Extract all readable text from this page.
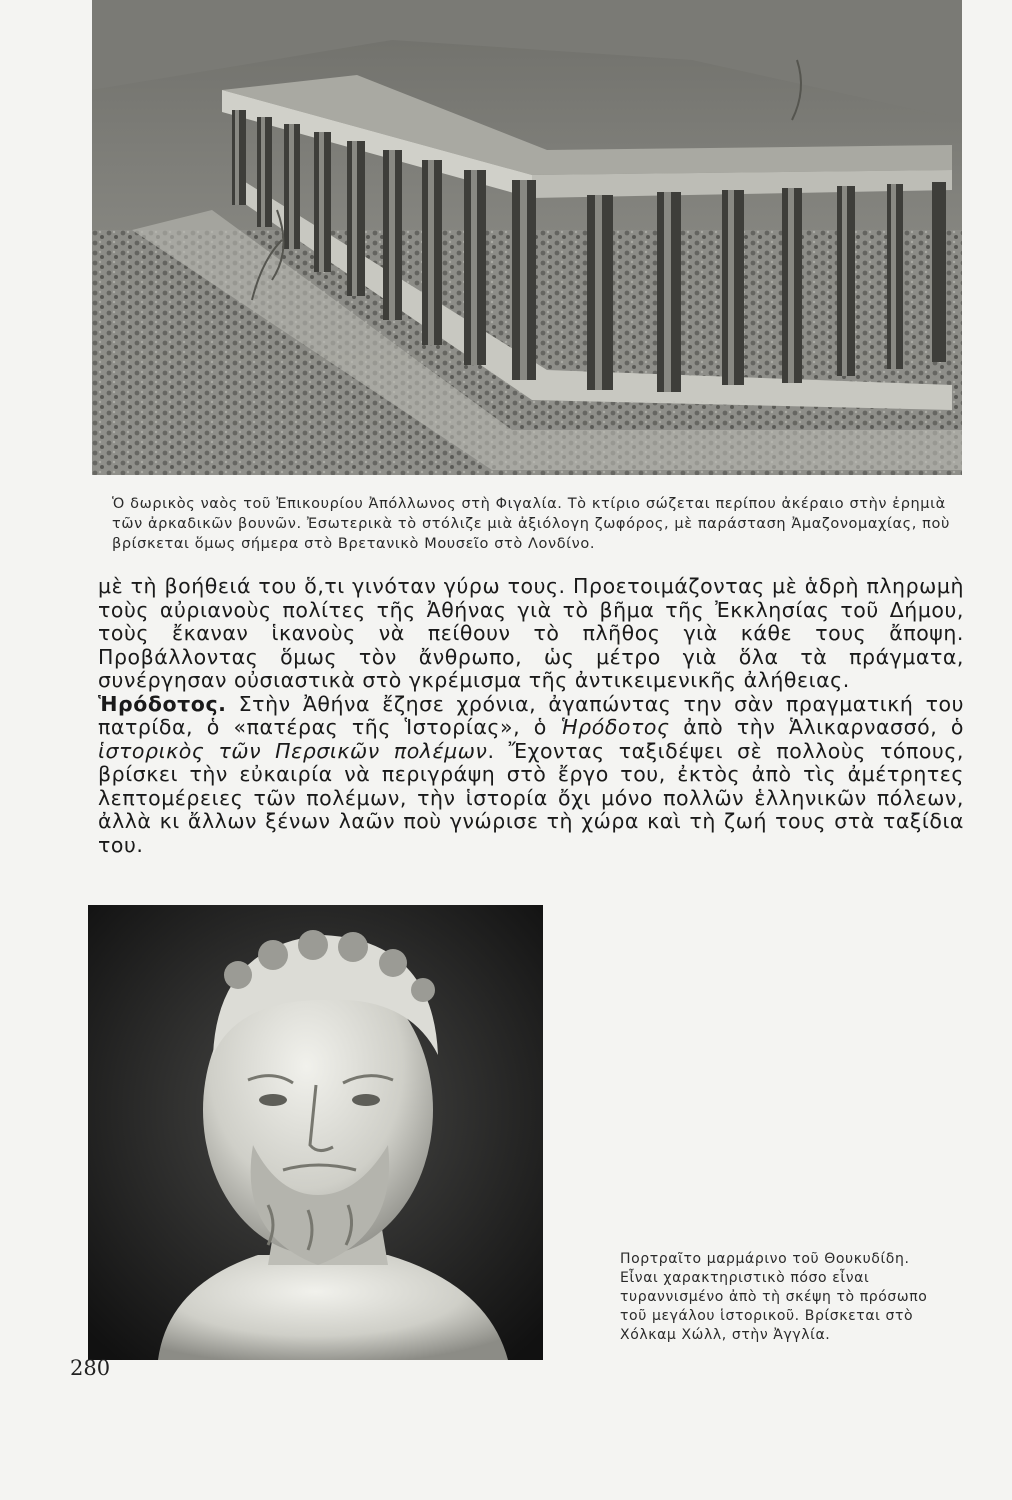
Ὁ δωρικὸς ναὸς τοῦ Ἐπικουρίου Ἀπόλλωνος στὴ Φιγαλία. Τὸ κτίριο σώζεται περίπου ἀκέραιο στὴν ἐρημιὰ τῶν ἀρκαδικῶν βουνῶν. Ἐσωτερικὰ τὸ στόλιζε μιὰ ἀξιόλογη ζωφόρος, μὲ παράσταση Ἀμαζονομαχίας, ποὺ βρίσκεται ὅμως σήμερα στὸ Βρετανικὸ Μουσεῖο στὸ Λονδίνο.

μὲ τὴ βοήθειά του ὅ,τι γινόταν γύρω τους. Προετοιμάζοντας μὲ ἁδρὴ πληρωμὴ τοὺς αὐριανοὺς πολίτες τῆς Ἀθήνας γιὰ τὸ βῆμα τῆς Ἐκκλησίας τοῦ Δήμου, τοὺς ἔκαναν ἱκανοὺς νὰ πείθουν τὸ πλῆθος γιὰ κάθε τους ἄποψη. Προβάλλοντας ὅμως τὸν ἄνθρωπο, ὡς μέτρο γιὰ ὅλα τὰ πράγματα, συνέργησαν οὐσιαστικὰ στὸ γκρέμισμα τῆς ἀντικειμενικῆς ἀλήθειας.

Ἡρόδοτος. Στὴν Ἀθήνα ἔζησε χρόνια, ἀγαπώντας την σὰν πραγματική του πατρίδα, ὁ «πατέρας τῆς Ἱστορίας», ὁ Ἡρόδοτος ἀπὸ τὴν Ἁλικαρνασσό, ὁ ἱστορικὸς τῶν Περσικῶν πολέμων. Ἔχοντας ταξιδέψει σὲ πολλοὺς τόπους, βρίσκει τὴν εὐκαιρία νὰ περιγράψη στὸ ἔργο του, ἐκτὸς ἀπὸ τὶς ἀμέτρητες λεπτομέρειες τῶν πολέμων, τὴν ἱστορία ὄχι μόνο πολλῶν ἑλληνικῶν πόλεων, ἀλλὰ κι ἄλλων ξένων λαῶν ποὺ γνώρισε τὴ χώρα καὶ τὴ ζωή τους στὰ ταξίδια του.

Πορτραῖτο μαρμάρινο τοῦ Θουκυδίδη. Εἶναι χαρακτηριστικὸ πόσο εἶναι τυραννισμένο ἀπὸ τὴ σκέψη τὸ πρόσωπο τοῦ μεγάλου ἱστορικοῦ. Βρίσκεται στὸ Χόλκαμ Χώλλ, στὴν Ἀγγλία.

280
